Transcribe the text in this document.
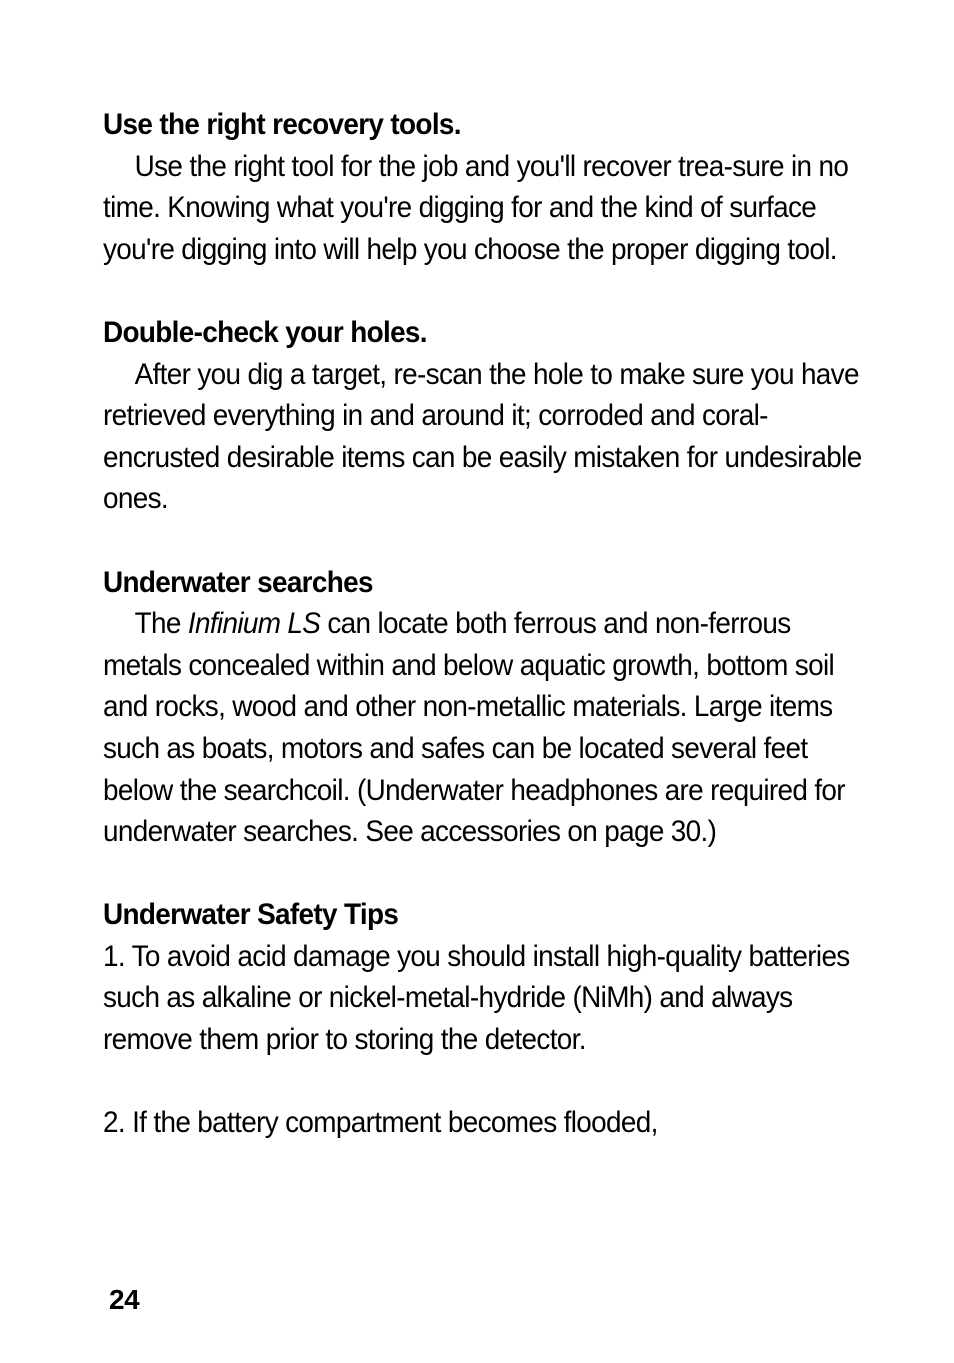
Use the right recovery tools.

Use the right tool for the job and you'll recover trea-sure in no time. Knowing what you're digging for and the kind of surface you're digging into will help you choose the proper digging tool.

Double-check your holes.

After you dig a target, re-scan the hole to make sure you have retrieved everything in and around it; corroded and coral-encrusted desirable items can be easily mistaken for undesirable ones.

Underwater searches

The Infinium LS can locate both ferrous and non-ferrous metals concealed within and below aquatic growth, bottom soil and rocks, wood and other non-metallic materials. Large items such as boats, motors and safes can be located several feet below the searchcoil. (Underwater headphones are required for underwater searches. See accessories on page 30.)

Underwater Safety Tips

1. To avoid acid damage you should install high-quality batteries such as alkaline or nickel-metal-hydride (NiMh) and always remove them prior to storing the detector.

2. If the battery compartment becomes flooded,

24
